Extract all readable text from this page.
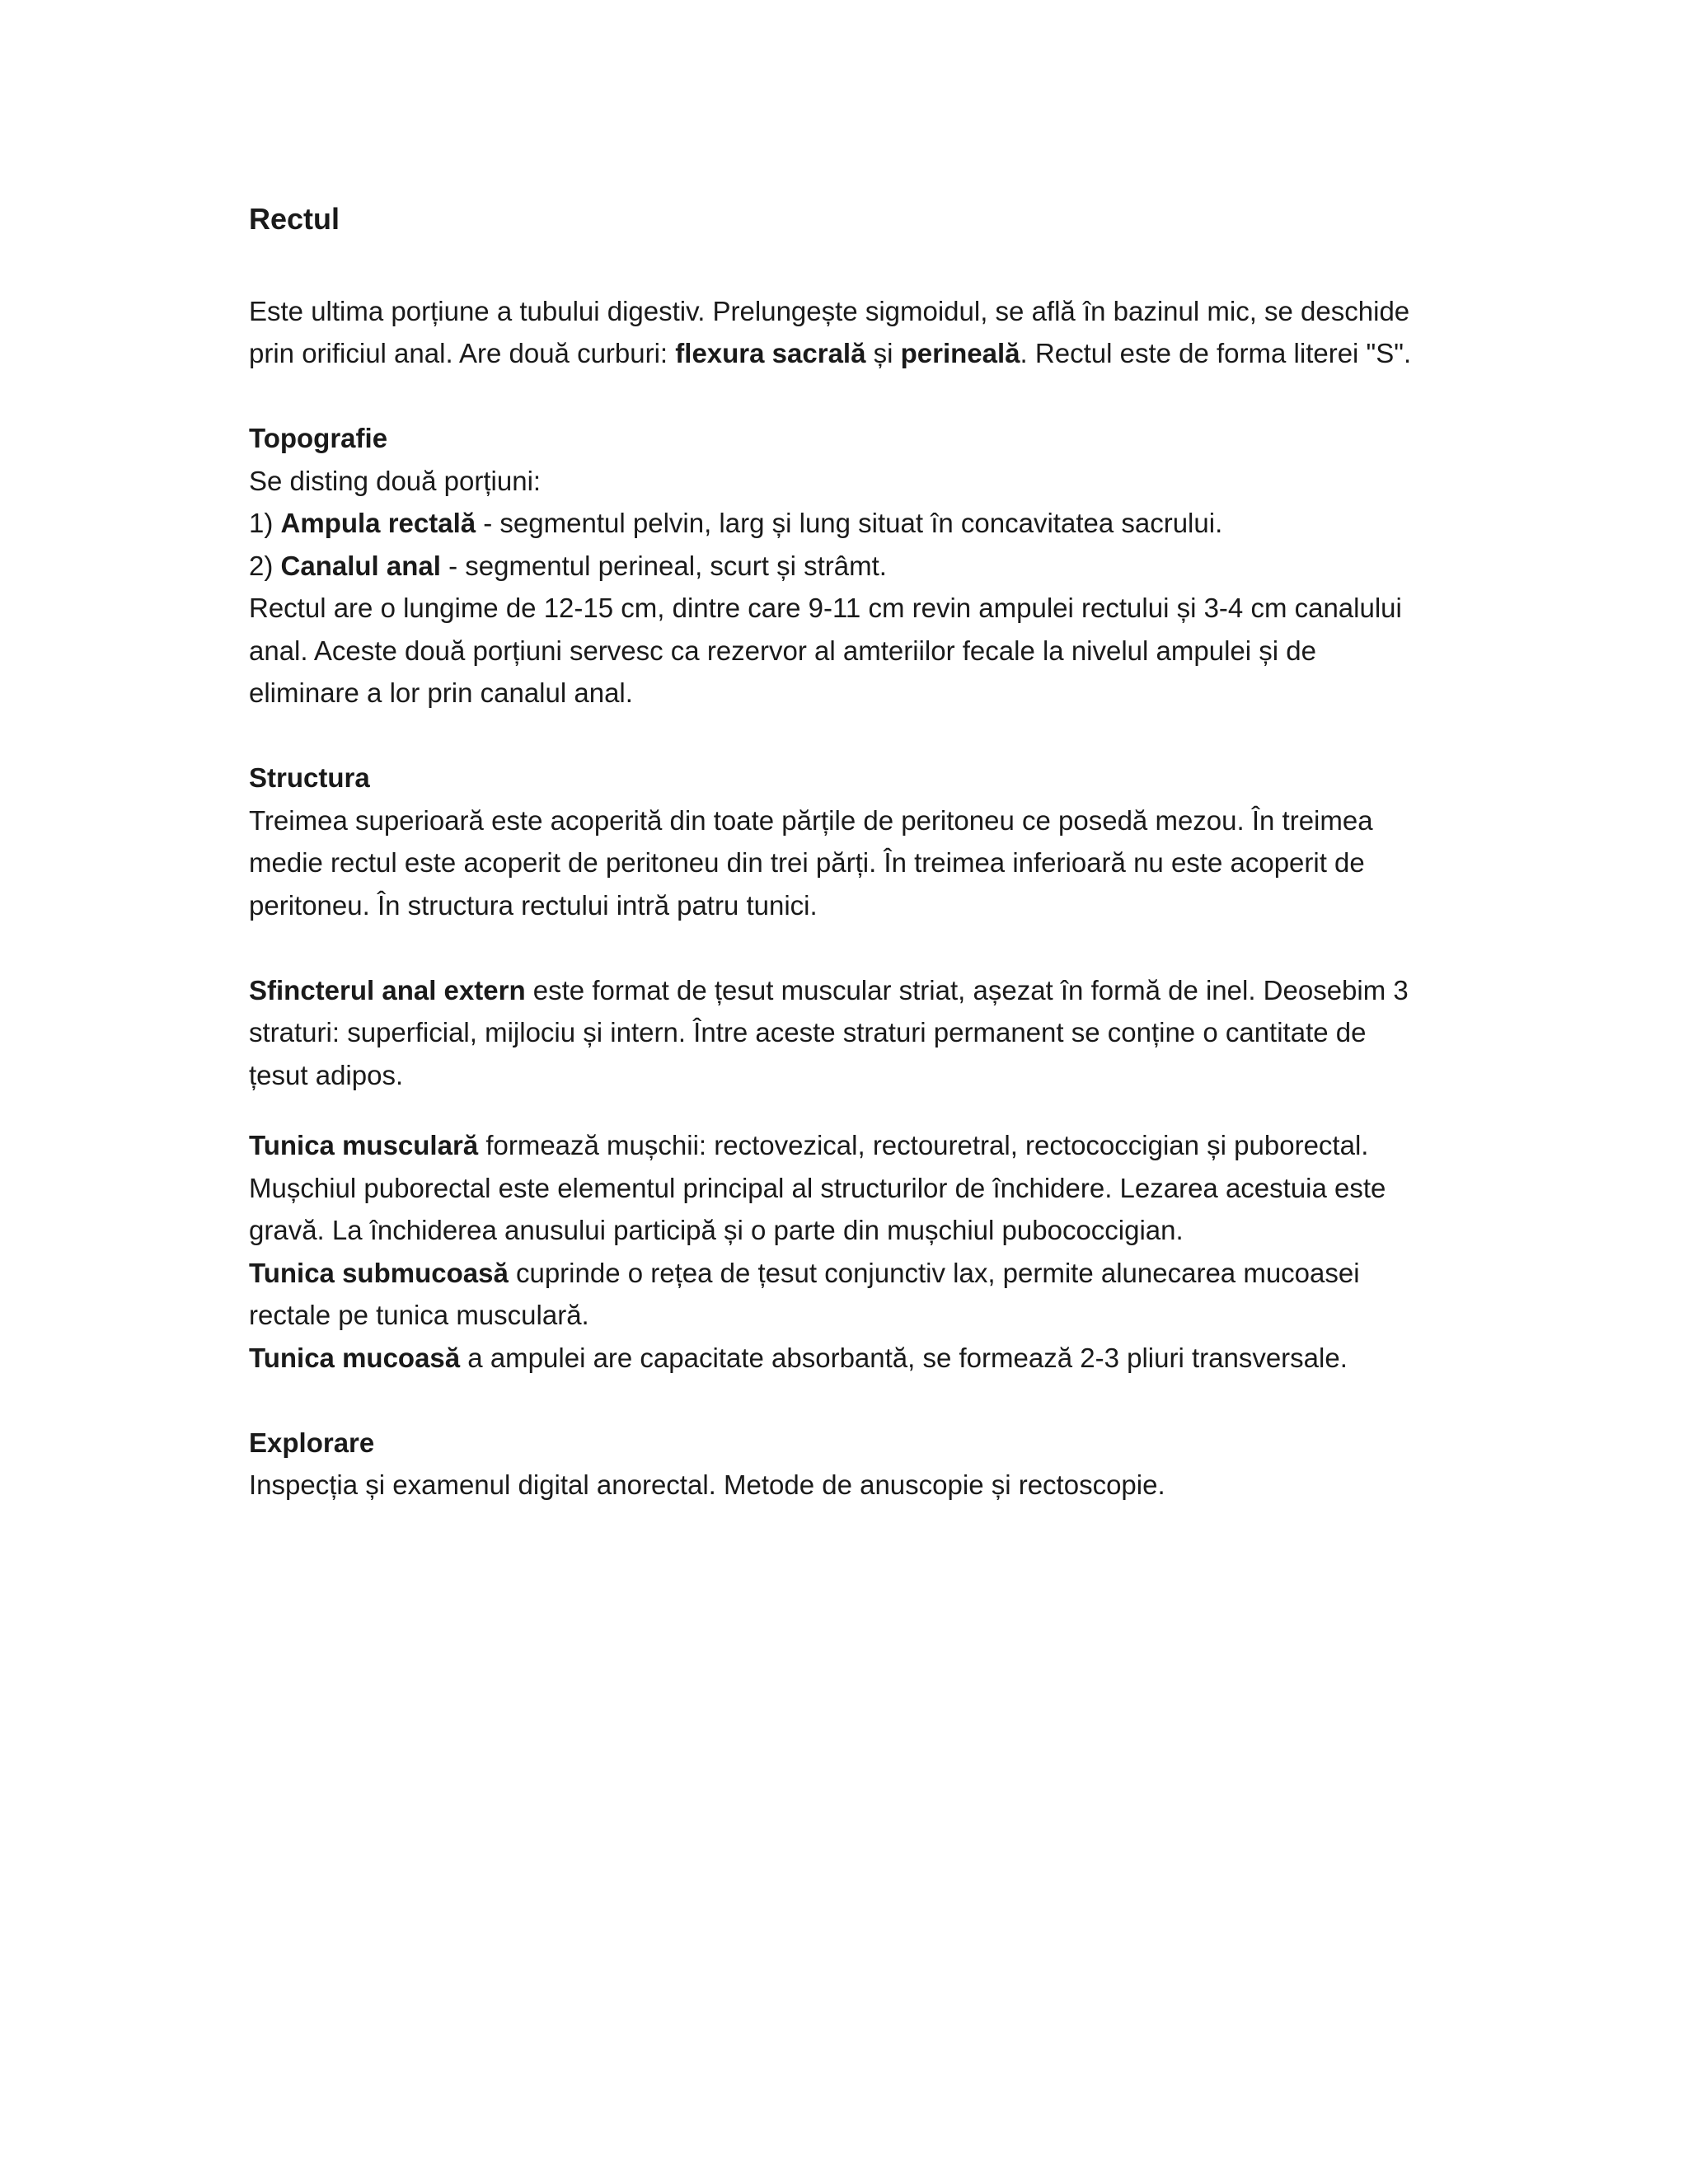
Rectul
Este ultima porțiune a tubului digestiv. Prelungește sigmoidul, se află în bazinul mic, se deschide
prin orificiul anal. Are două curburi: flexura sacrală și perineală. Rectul este de forma literei "S".
Topografie
Se disting două porțiuni:
1) Ampula rectală - segmentul pelvin, larg și lung situat în concavitatea sacrului.
2) Canalul anal - segmentul perineal, scurt și strâmt.
Rectul are o lungime de 12-15 cm, dintre care 9-11 cm revin ampulei rectului și 3-4 cm canalului
anal. Aceste două porțiuni servesc ca rezervor al amteriilor fecale la nivelul ampulei și de
eliminare a lor prin canalul anal.
Structura
Treimea superioară este acoperită din toate părțile de peritoneu ce posedă mezou. În treimea
medie rectul este acoperit de peritoneu din trei părți. În treimea inferioară nu este acoperit de
peritoneu. În structura rectului intră patru tunici.
Sfincterul anal extern este format de țesut muscular striat, așezat în formă de inel. Deosebim 3
straturi: superficial, mijlociu și intern. Între aceste straturi permanent se conține o cantitate de
țesut adipos.
Tunica musculară formează mușchii: rectovezical, rectouretral, rectococcigian și puborectal.
Mușchiul puborectal este elementul principal al structurilor de închidere. Lezarea acestuia este
gravă. La închiderea anusului participă și o parte din mușchiul pubococcigian.
Tunica submucoasă cuprinde o rețea de țesut conjunctiv lax, permite alunecarea mucoasei
rectale pe tunica musculară.
Tunica mucoasă a ampulei are capacitate absorbantă, se formează 2-3 pliuri transversale.
Explorare
Inspecția și examenul digital anorectal. Metode de anuscopie și rectoscopie.
